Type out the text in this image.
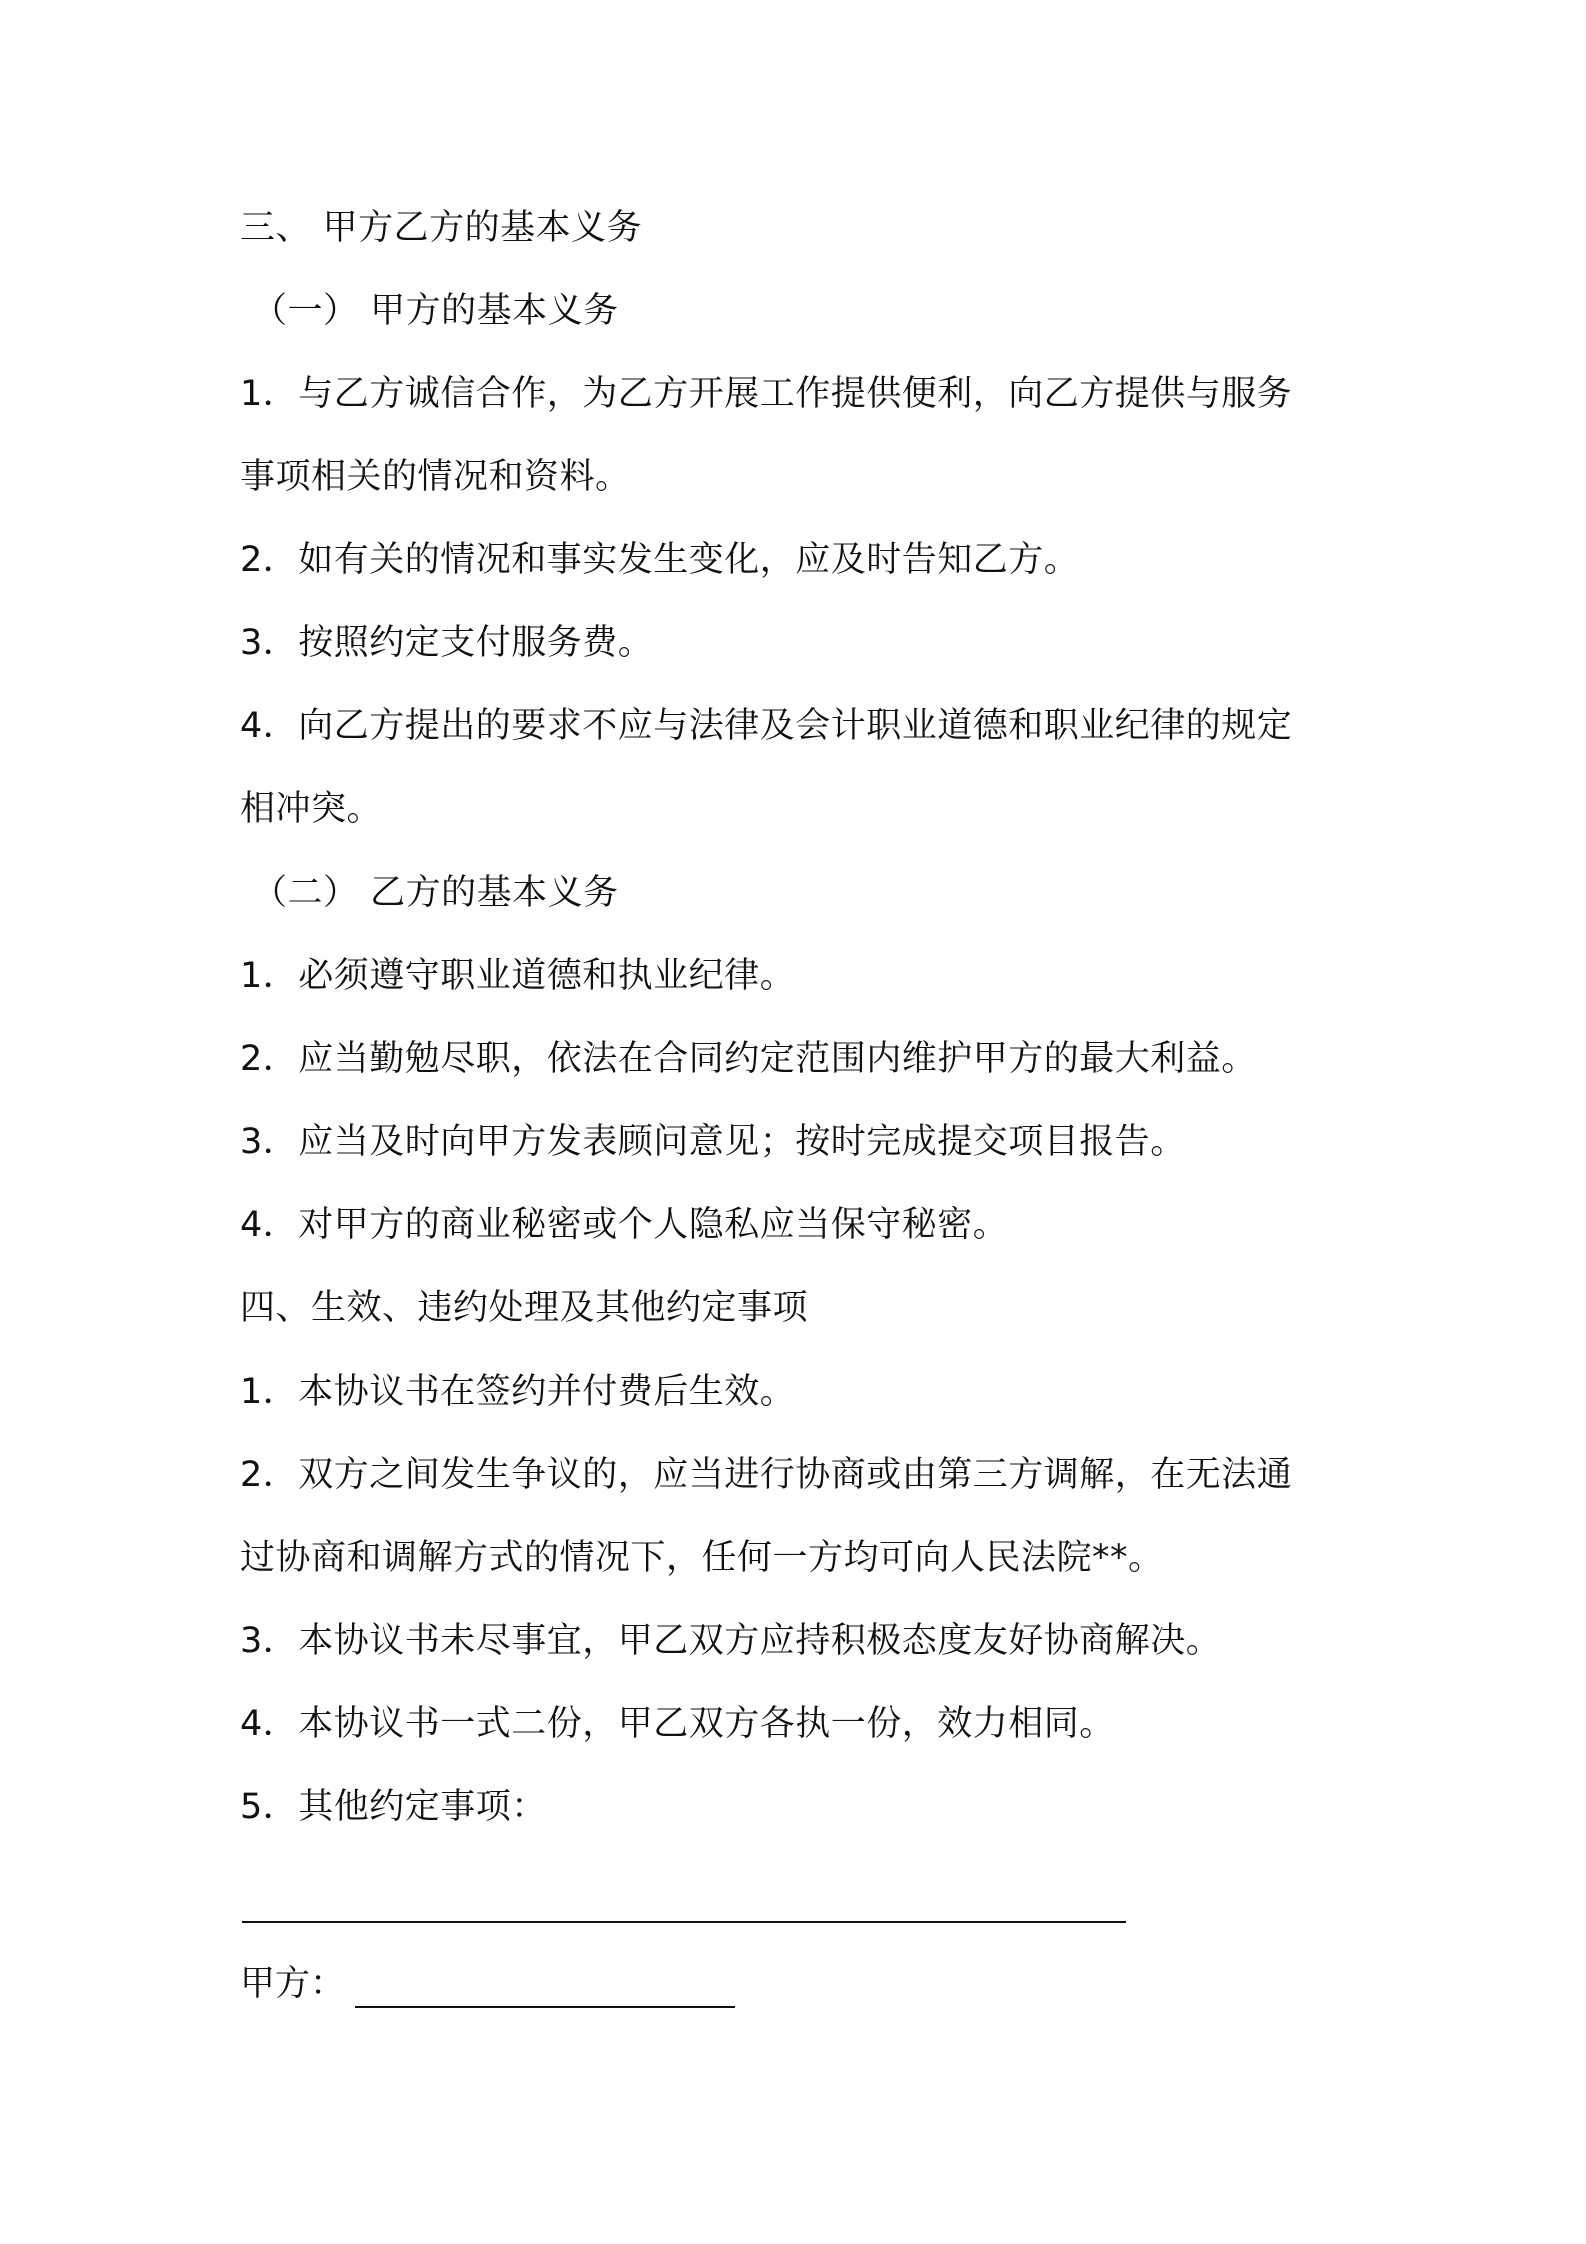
三、 甲方乙方的基本义务
（一） 甲方的基本义务
1．与乙方诚信合作，为乙方开展工作提供便利，向乙方提供与服务
事项相关的情况和资料。
2．如有关的情况和事实发生变化，应及时告知乙方。
3．按照约定支付服务费。
4．向乙方提出的要求不应与法律及会计职业道德和职业纪律的规定
相冲突。
（二） 乙方的基本义务
1．必须遵守职业道德和执业纪律。
2．应当勤勉尽职，依法在合同约定范围内维护甲方的最大利益。
3．应当及时向甲方发表顾问意见；按时完成提交项目报告。
4．对甲方的商业秘密或个人隐私应当保守秘密。
四、生效、违约处理及其他约定事项
1．本协议书在签约并付费后生效。
2．双方之间发生争议的，应当进行协商或由第三方调解，在无法通
过协商和调解方式的情况下，任何一方均可向人民法院**。
3．本协议书未尽事宜，甲乙双方应持积极态度友好协商解决。
4．本协议书一式二份，甲乙双方各执一份，效力相同。
5．其他约定事项：
甲方：
